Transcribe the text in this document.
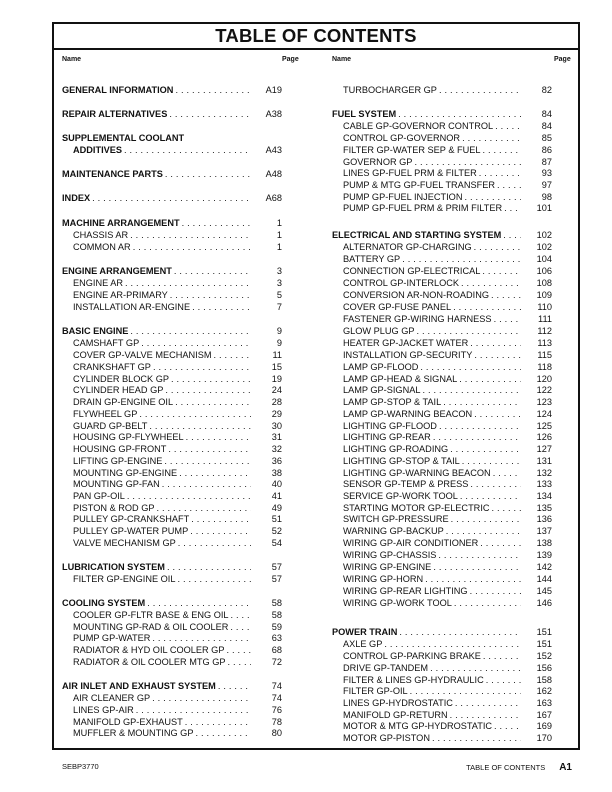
TABLE OF CONTENTS
Name	Page	Name	Page
GENERAL INFORMATION . . .	A19
REPAIR ALTERNATIVES . . .	A38
SUPPLEMENTAL COOLANT
ADDITIVES . . .	A43
MAINTENANCE PARTS . . .	A48
INDEX . . .	A68
MACHINE ARRANGEMENT . . .	1
CHASSIS AR . . .	1
COMMON AR . . .	1
ENGINE ARRANGEMENT . . .	3
ENGINE AR . . .	3
ENGINE AR-PRIMARY . . .	5
INSTALLATION AR-ENGINE . . .	7
BASIC ENGINE . . .	9
CAMSHAFT GP . . .	9
COVER GP-VALVE MECHANISM . . .	11
CRANKSHAFT GP . . .	15
CYLINDER BLOCK GP . . .	19
CYLINDER HEAD GP . . .	24
DRAIN GP-ENGINE OIL . . .	28
FLYWHEEL GP . . .	29
GUARD GP-BELT . . .	30
HOUSING GP-FLYWHEEL . . .	31
HOUSING GP-FRONT . . .	32
LIFTING GP-ENGINE . . .	36
MOUNTING GP-ENGINE . . .	38
MOUNTING GP-FAN . . .	40
PAN GP-OIL . . .	41
PISTON & ROD GP . . .	49
PULLEY GP-CRANKSHAFT . . .	51
PULLEY GP-WATER PUMP . . .	52
VALVE MECHANISM GP . . .	54
LUBRICATION SYSTEM . . .	57
FILTER GP-ENGINE OIL . . .	57
COOLING SYSTEM . . .	58
COOLER GP-FLTR BASE & ENG OIL . . .	58
MOUNTING GP-RAD & OIL COOLER . . .	59
PUMP GP-WATER . . .	63
RADIATOR & HYD OIL COOLER GP . . .	68
RADIATOR & OIL COOLER MTG GP . . .	72
AIR INLET AND EXHAUST SYSTEM . . .	74
AIR CLEANER GP . . .	74
LINES GP-AIR . . .	76
MANIFOLD GP-EXHAUST . . .	78
MUFFLER & MOUNTING GP . . .	80
TURBOCHARGER GP . . .	82
FUEL SYSTEM . . .	84
CABLE GP-GOVERNOR CONTROL . . .	84
CONTROL GP-GOVERNOR . . .	85
FILTER GP-WATER SEP & FUEL . . .	86
GOVERNOR GP . . .	87
LINES GP-FUEL PRM & FILTER . . .	93
PUMP & MTG GP-FUEL TRANSFER . . .	97
PUMP GP-FUEL INJECTION . . .	98
PUMP GP-FUEL PRM & PRIM FILTER . . .	101
ELECTRICAL AND STARTING SYSTEM . . .	102
ALTERNATOR GP-CHARGING . . .	102
BATTERY GP . . .	104
CONNECTION GP-ELECTRICAL . . .	106
CONTROL GP-INTERLOCK . . .	108
CONVERSION AR-NON-ROADING . . .	109
COVER GP-FUSE PANEL . . .	110
FASTENER GP-WIRING HARNESS . . .	111
GLOW PLUG GP . . .	112
HEATER GP-JACKET WATER . . .	113
INSTALLATION GP-SECURITY . . .	115
LAMP GP-FLOOD . . .	118
LAMP GP-HEAD & SIGNAL . . .	120
LAMP GP-SIGNAL . . .	122
LAMP GP-STOP & TAIL . . .	123
LAMP GP-WARNING BEACON . . .	124
LIGHTING GP-FLOOD . . .	125
LIGHTING GP-REAR . . .	126
LIGHTING GP-ROADING . . .	127
LIGHTING GP-STOP & TAIL . . .	131
LIGHTING GP-WARNING BEACON . . .	132
SENSOR GP-TEMP & PRESS . . .	133
SERVICE GP-WORK TOOL . . .	134
STARTING MOTOR GP-ELECTRIC . . .	135
SWITCH GP-PRESSURE . . .	136
WARNING GP-BACKUP . . .	137
WIRING GP-AIR CONDITIONER . . .	138
WIRING GP-CHASSIS . . .	139
WIRING GP-ENGINE . . .	142
WIRING GP-HORN . . .	144
WIRING GP-REAR LIGHTING . . .	145
WIRING GP-WORK TOOL . . .	146
POWER TRAIN . . .	151
AXLE GP . . .	151
CONTROL GP-PARKING BRAKE . . .	152
DRIVE GP-TANDEM . . .	156
FILTER & LINES GP-HYDRAULIC . . .	158
FILTER GP-OIL . . .	162
LINES GP-HYDROSTATIC . . .	163
MANIFOLD GP-RETURN . . .	167
MOTOR & MTG GP-HYDROSTATIC . . .	169
MOTOR GP-PISTON . . .	170
SEBP3770	TABLE OF CONTENTS A1
